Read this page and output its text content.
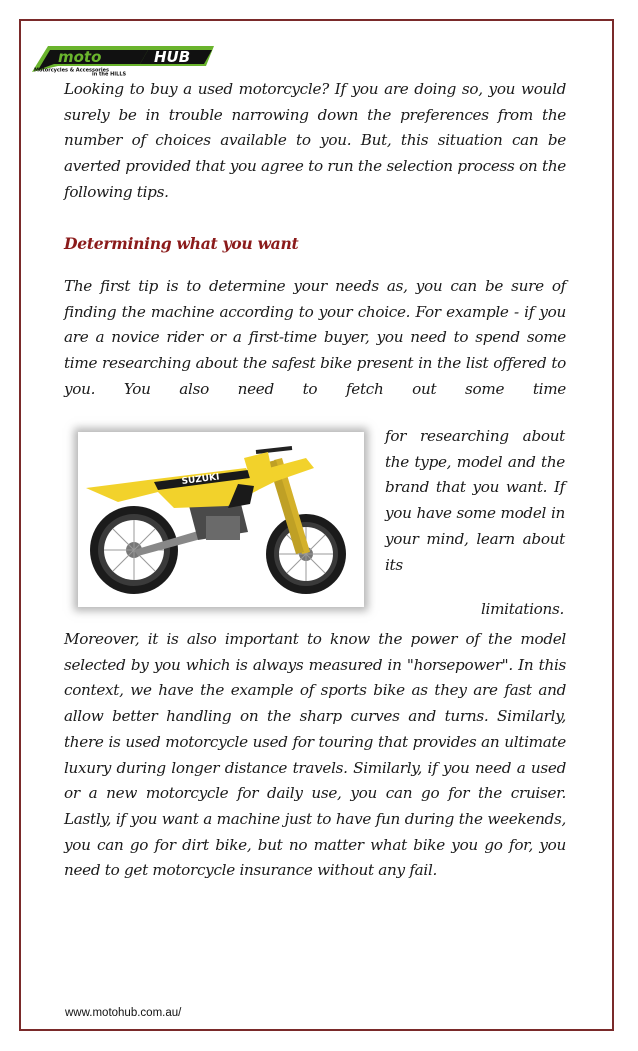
moto	HUB
Motorcycles & Accessories
in the HILLS

Looking to buy a used motorcycle? If you are doing so, you would surely be in trouble narrowing down the preferences from the number of choices available to you. But, this situation can be averted provided that you agree to run the selection process on the following tips.

Determining what you want

The first tip is to determine your needs as, you can be sure of finding the machine according to your choice. For example - if you are a novice rider or a first-time buyer, you need to spend some time researching about the safest bike present in the list offered to you. You also need to fetch out some time

SUZUKI

for researching about the type, model and the brand that you want. If you have some model in your mind, learn about its

limitations.

Moreover, it is also important to know the power of the model selected by you which is always measured in "horsepower". In this context, we have the example of sports bike as they are fast and allow better handling on the sharp curves and turns. Similarly, there is used motorcycle used for touring that provides an ultimate luxury during longer distance travels. Similarly, if you need a used or a new motorcycle for daily use, you can go for the cruiser. Lastly, if you want a machine just to have fun during the weekends, you can go for dirt bike, but no matter what bike you go for, you need to get motorcycle insurance without any fail.

www.motohub.com.au/
